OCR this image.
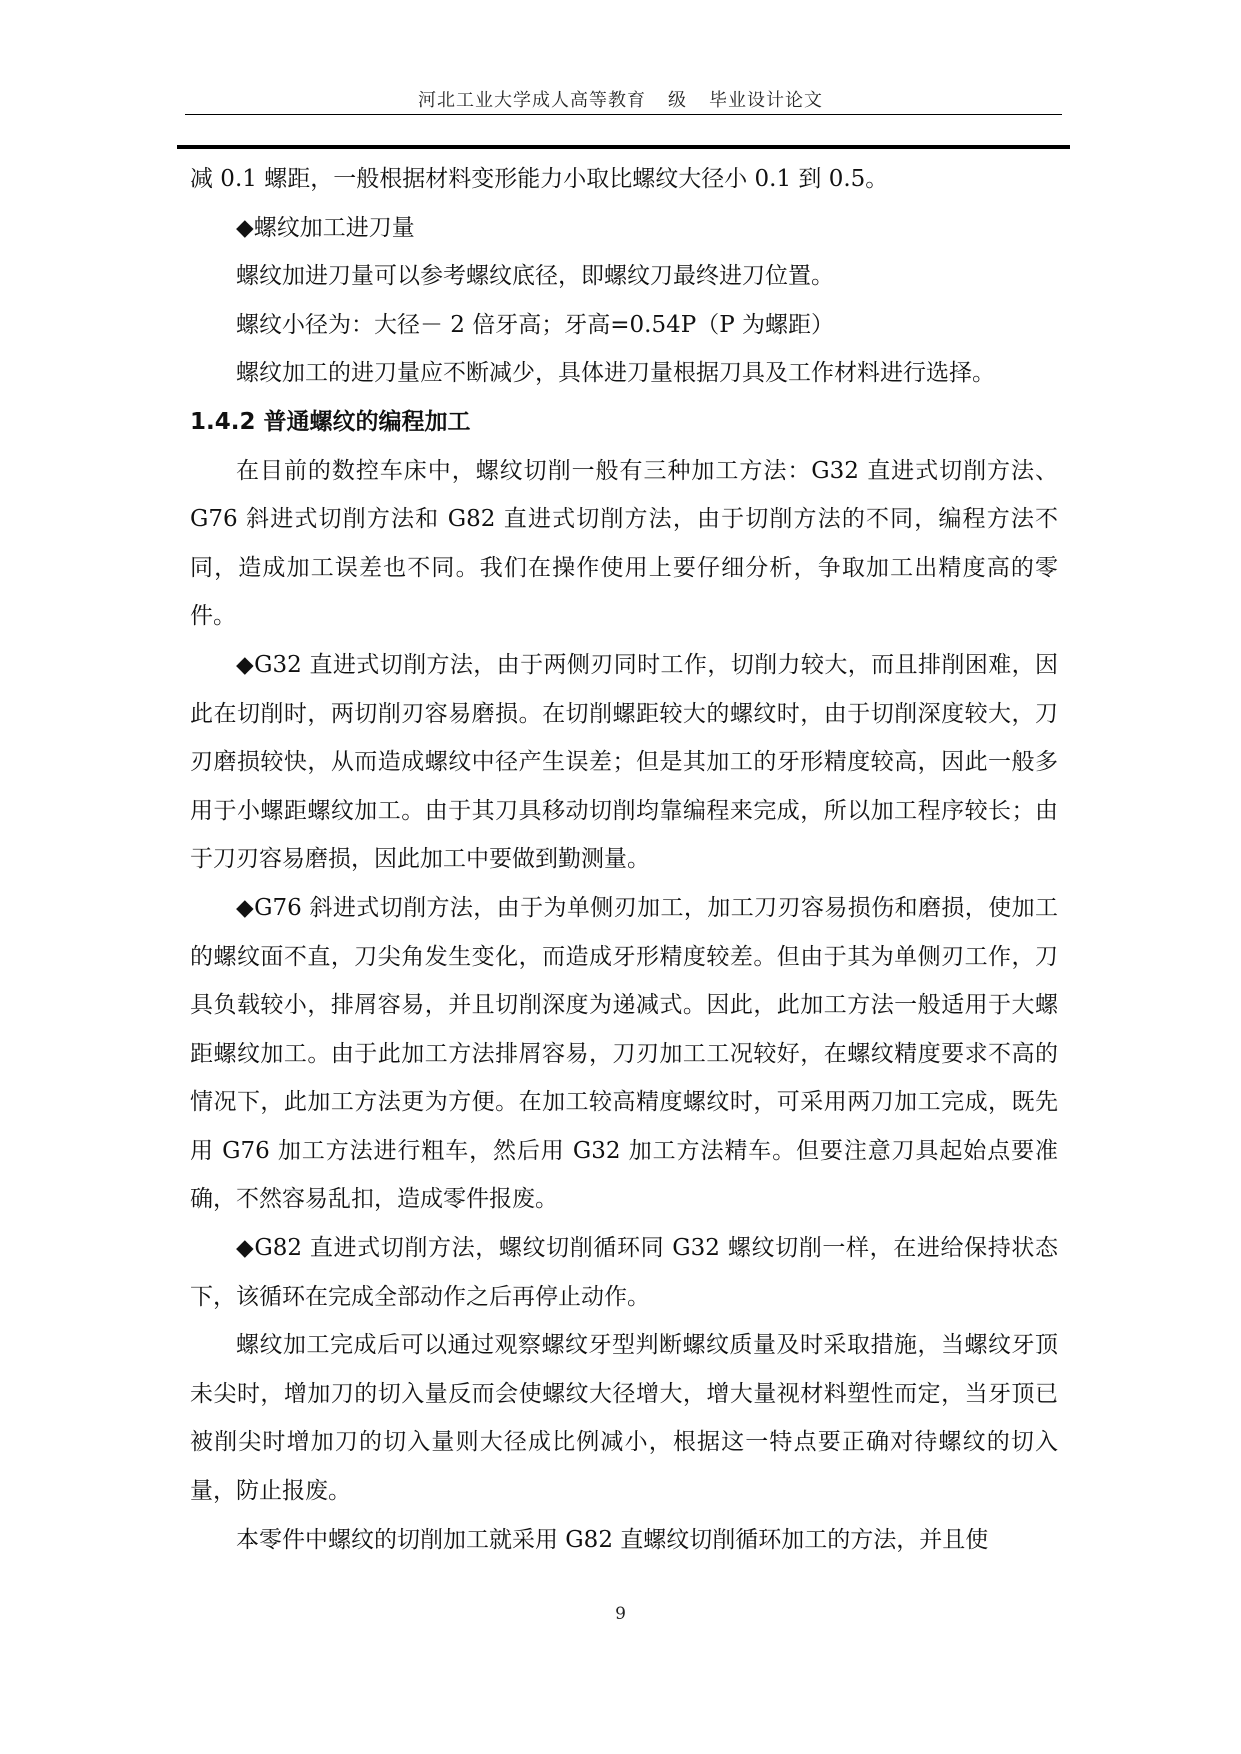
河北工业大学成人高等教育 级 毕业设计论文

减 0.1 螺距，一般根据材料变形能力小取比螺纹大径小 0.1 到 0.5。

◆螺纹加工进刀量

螺纹加进刀量可以参考螺纹底径，即螺纹刀最终进刀位置。

螺纹小径为：大径－ 2 倍牙高；牙高=0.54P（P 为螺距）

螺纹加工的进刀量应不断减少，具体进刀量根据刀具及工作材料进行选择。

1.4.2 普通螺纹的编程加工

在目前的数控车床中，螺纹切削一般有三种加工方法：G32 直进式切削方法、G76 斜进式切削方法和 G82 直进式切削方法，由于切削方法的不同，编程方法不同，造成加工误差也不同。我们在操作使用上要仔细分析，争取加工出精度高的零件。

◆G32 直进式切削方法，由于两侧刃同时工作，切削力较大，而且排削困难，因此在切削时，两切削刃容易磨损。在切削螺距较大的螺纹时，由于切削深度较大，刀刃磨损较快，从而造成螺纹中径产生误差；但是其加工的牙形精度较高，因此一般多用于小螺距螺纹加工。由于其刀具移动切削均靠编程来完成，所以加工程序较长；由于刀刃容易磨损，因此加工中要做到勤测量。

◆G76 斜进式切削方法，由于为单侧刃加工，加工刀刃容易损伤和磨损，使加工的螺纹面不直，刀尖角发生变化，而造成牙形精度较差。但由于其为单侧刃工作，刀具负载较小，排屑容易，并且切削深度为递减式。因此，此加工方法一般适用于大螺距螺纹加工。由于此加工方法排屑容易，刀刃加工工况较好，在螺纹精度要求不高的情况下，此加工方法更为方便。在加工较高精度螺纹时，可采用两刀加工完成，既先用 G76 加工方法进行粗车，然后用 G32 加工方法精车。但要注意刀具起始点要准确，不然容易乱扣，造成零件报废。

◆G82 直进式切削方法，螺纹切削循环同 G32 螺纹切削一样，在进给保持状态下，该循环在完成全部动作之后再停止动作。

螺纹加工完成后可以通过观察螺纹牙型判断螺纹质量及时采取措施，当螺纹牙顶未尖时，增加刀的切入量反而会使螺纹大径增大，增大量视材料塑性而定，当牙顶已被削尖时增加刀的切入量则大径成比例减小，根据这一特点要正确对待螺纹的切入量，防止报废。

本零件中螺纹的切削加工就采用 G82 直螺纹切削循环加工的方法，并且使

9
